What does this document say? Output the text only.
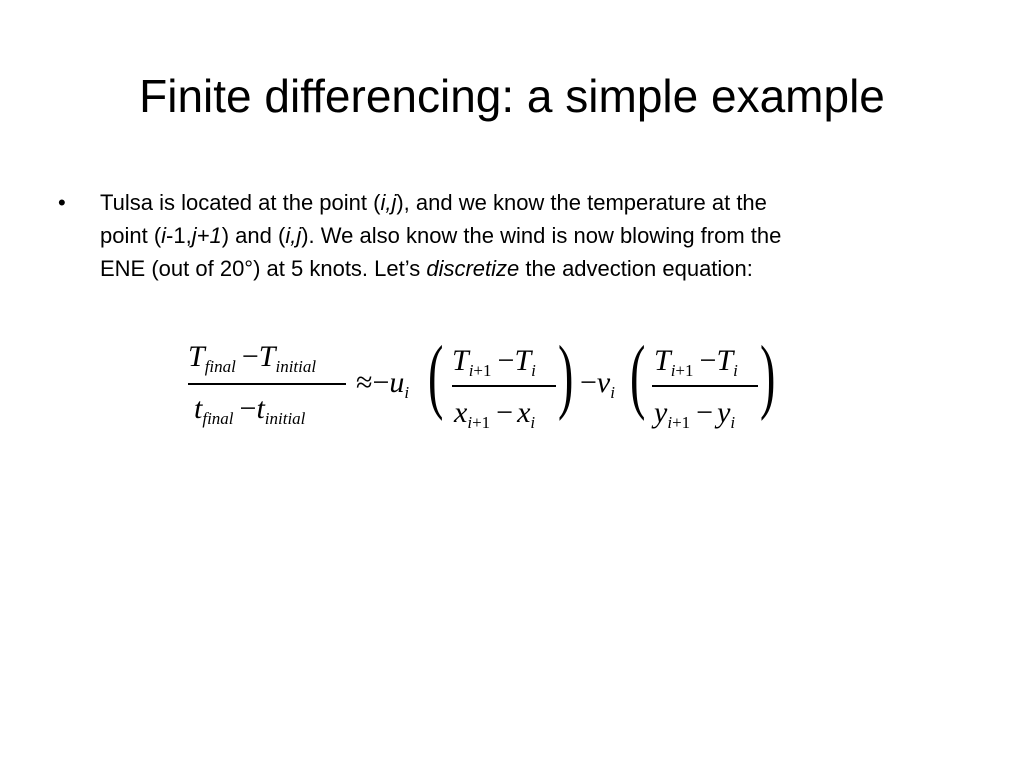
Finite differencing: a simple example
•	Tulsa is located at the point (i,j), and we know the temperature at the
point (i-1,j+1) and (i,j). We also know the wind is now blowing from the
ENE (out of 20°) at 5 knots. Let’s discretize the advection equation:
$T_{final} -T_{initial}$
$t_{final} -t_{initial}$
$\approx-u_i$ ( $T_{i+1} -T_i$
$x_{i+1} - x_i$
) $-v_i$ ( $T_{i+1} -T_i$
$y_{i+1} - y_i$
)
